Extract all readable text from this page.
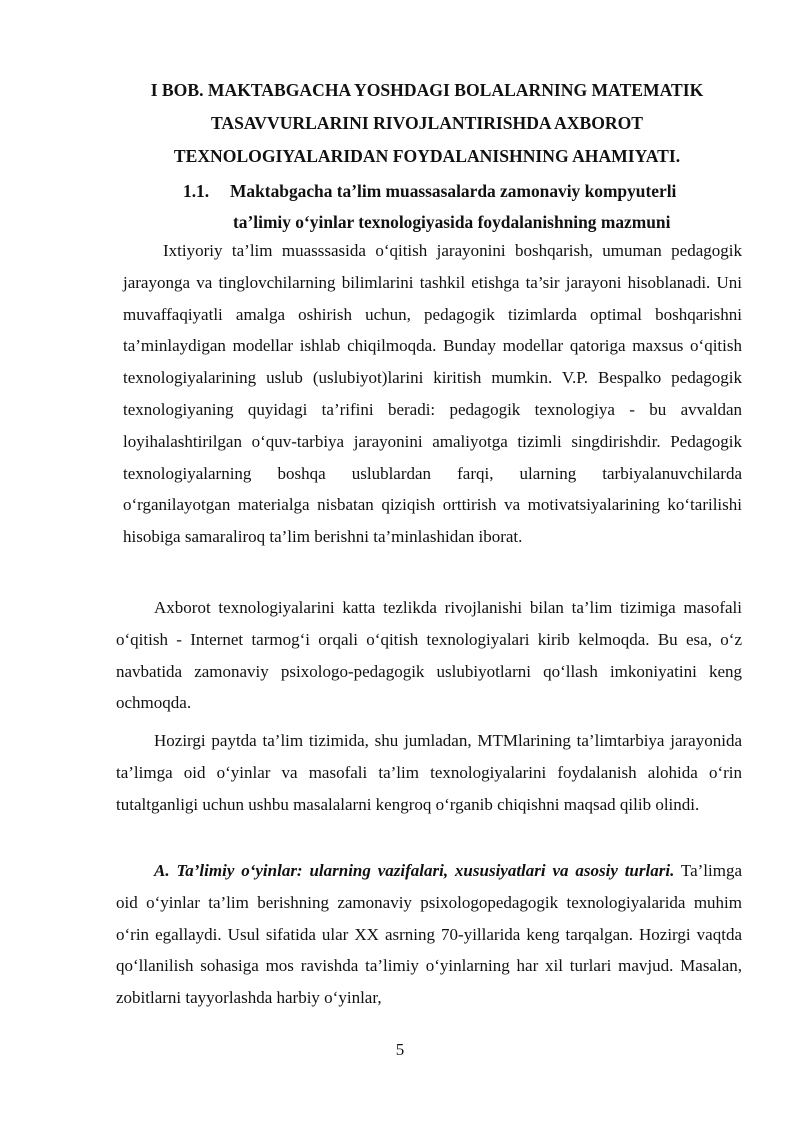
I BOB. MAKTABGACHA YOSHDAGI BOLALARNING MATEMATIK
TASAVVURLARINI RIVOJLANTIRISHDA AXBOROT
TEXNOLOGIYALARIDAN FOYDALANISHNING AHAMIYATI.
1.1. Maktabgacha ta’lim muassasalarda zamonaviy kompyuterli
ta’limiy o‘yinlar texnologiyasida foydalanishning mazmuni

Ixtiyoriy ta’lim muasssasida o‘qitish jarayonini boshqarish, umuman pedagogik jarayonga va tinglovchilarning bilimlarini tashkil etishga ta’sir jarayoni hisoblanadi. Uni muvaffaqiyatli amalga oshirish uchun, pedagogik tizimlarda optimal boshqarishni ta’minlaydigan modellar ishlab chiqilmoqda. Bunday modellar qatoriga maxsus o‘qitish texnologiyalarining uslub (uslubiyot)larini kiritish mumkin. V.P. Bespalko pedagogik texnologiyaning quyidagi ta’rifini beradi: pedagogik texnologiya - bu avvaldan loyihalashtirilgan o‘quv-tarbiya jarayonini amaliyotga tizimli singdirishdir. Pedagogik texnologiyalarning boshqa uslublardan farqi, ularning tarbiyalanuvchilarda o‘rganilayotgan materialga nisbatan qiziqish orttirish va motivatsiyalarining ko‘tarilishi hisobiga samaraliroq ta’lim berishni ta’minlashidan iborat.

Axborot texnologiyalarini katta tezlikda rivojlanishi bilan ta’lim tizimiga masofali o‘qitish - Internet tarmog‘i orqali o‘qitish texnologiyalari kirib kelmoqda. Bu esa, o‘z navbatida zamonaviy psixologo-pedagogik uslubiyotlarni qo‘llash imkoniyatini keng ochmoqda.

Hozirgi paytda ta’lim tizimida, shu jumladan, MTMlarining ta’limtarbiya jarayonida ta’limga oid o‘yinlar va masofali ta’lim texnologiyalarini foydalanish alohida o‘rin tutaltganligi uchun ushbu masalalarni kengroq o‘rganib chiqishni maqsad qilib olindi.

A. Ta’limiy o‘yinlar: ularning vazifalari, xususiyatlari va asosiy turlari. Ta’limga oid o‘yinlar ta’lim berishning zamonaviy psixologopedagogik texnologiyalarida muhim o‘rin egallaydi. Usul sifatida ular XX asrning 70-yillarida keng tarqalgan. Hozirgi vaqtda qo‘llanilish sohasiga mos ravishda ta’limiy o‘yinlarning har xil turlari mavjud. Masalan, zobitlarni tayyorlashda harbiy o‘yinlar,

5
